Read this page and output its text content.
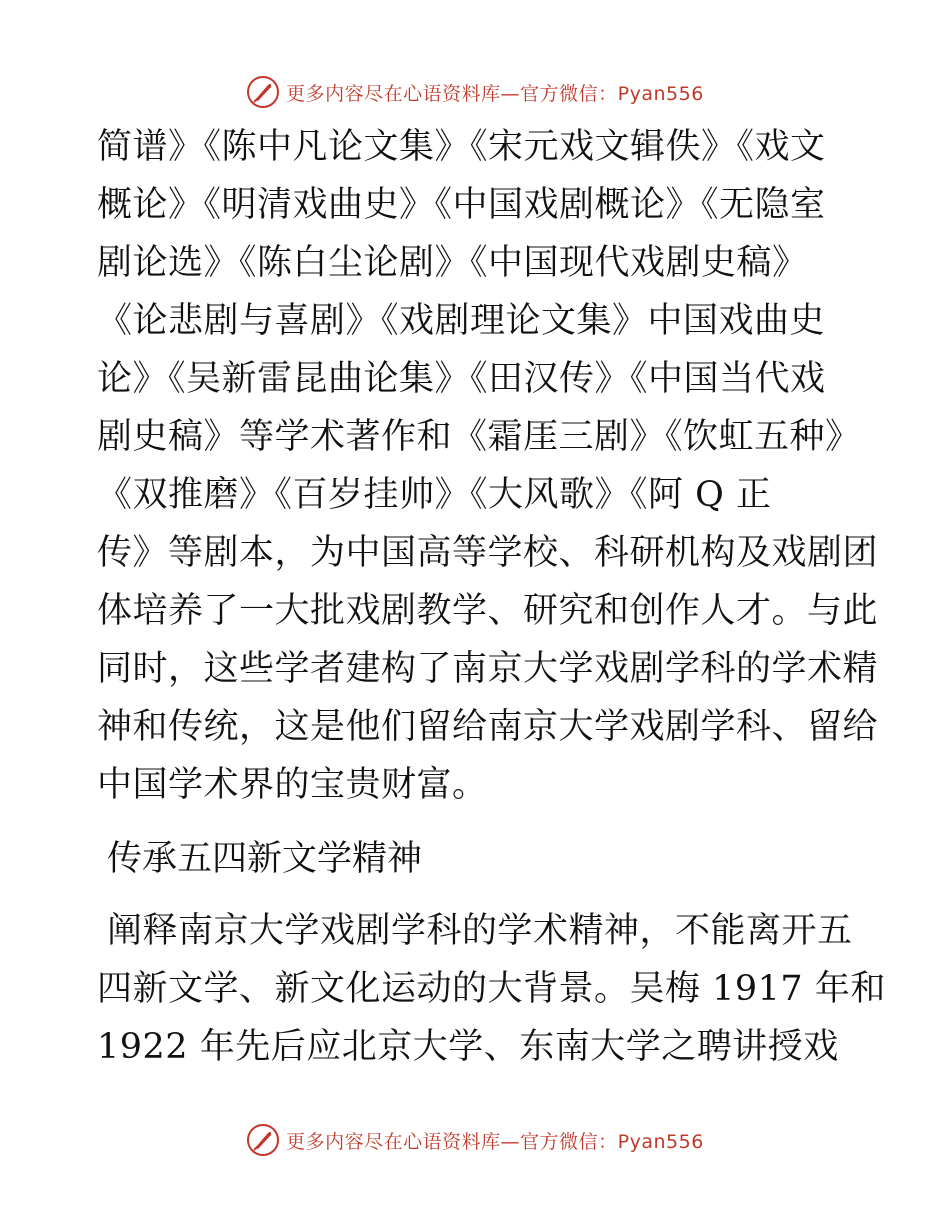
更多内容尽在心语资料库—官方微信：Pyan556
简谱》《陈中凡论文集》《宋元戏文辑佚》《戏文
概论》《明清戏曲史》《中国戏剧概论》《无隐室
剧论选》《陈白尘论剧》《中国现代戏剧史稿》
《论悲剧与喜剧》《戏剧理论文集》中国戏曲史
论》《吴新雷昆曲论集》《田汉传》《中国当代戏
剧史稿》等学术著作和《霜厓三剧》《饮虹五种》
《双推磨》《百岁挂帅》《大风歌》《阿 Q 正
传》等剧本，为中国高等学校、科研机构及戏剧团
体培养了一大批戏剧教学、研究和创作人才。与此
同时，这些学者建构了南京大学戏剧学科的学术精
神和传统，这是他们留给南京大学戏剧学科、留给
中国学术界的宝贵财富。
传承五四新文学精神
阐释南京大学戏剧学科的学术精神，不能离开五
四新文学、新文化运动的大背景。吴梅 1917 年和
1922 年先后应北京大学、东南大学之聘讲授戏
更多内容尽在心语资料库—官方微信：Pyan556
